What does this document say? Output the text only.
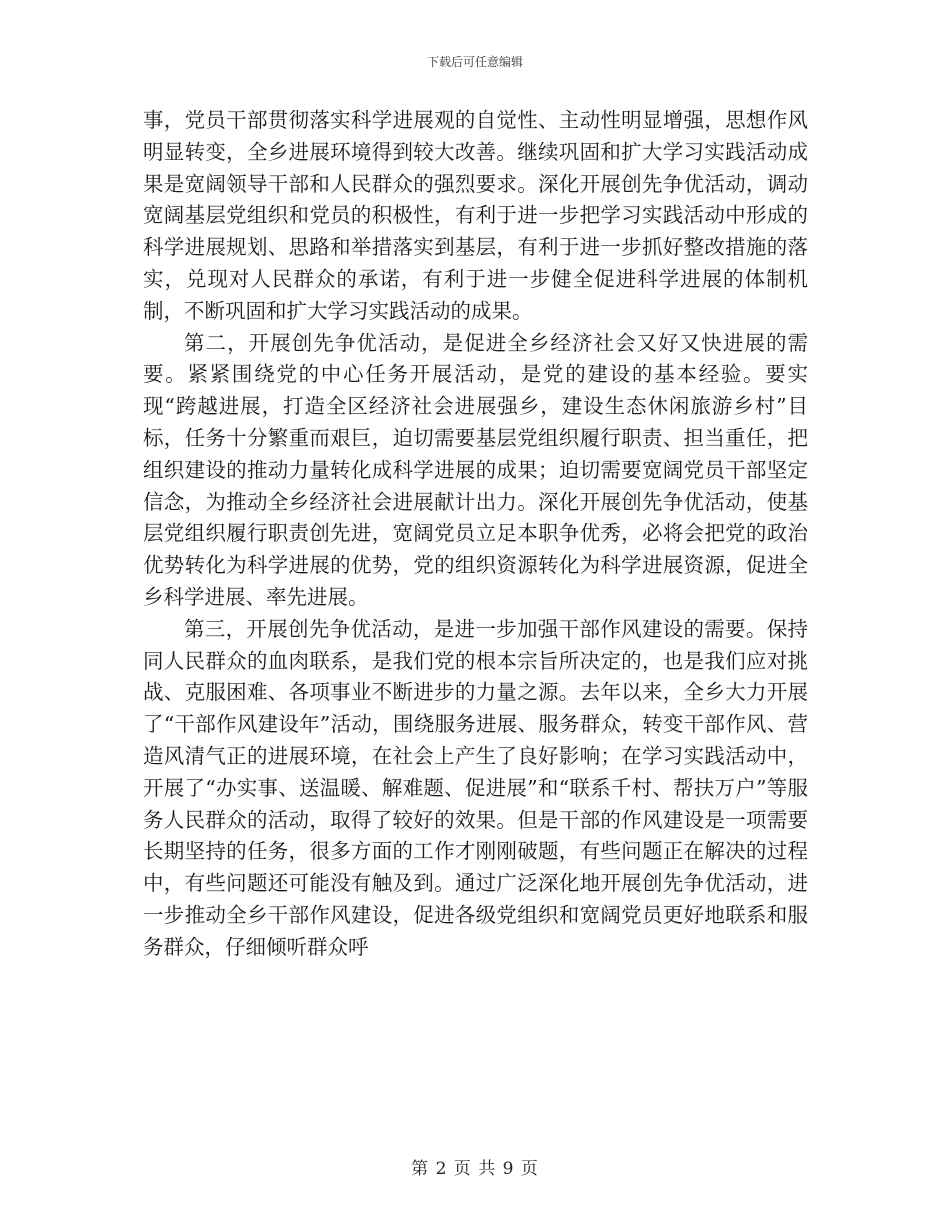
下载后可任意编辑

事，党员干部贯彻落实科学进展观的自觉性、主动性明显增强，思想作风明显转变，全乡进展环境得到较大改善。继续巩固和扩大学习实践活动成果是宽阔领导干部和人民群众的强烈要求。深化开展创先争优活动，调动宽阔基层党组织和党员的积极性，有利于进一步把学习实践活动中形成的科学进展规划、思路和举措落实到基层，有利于进一步抓好整改措施的落实，兑现对人民群众的承诺，有利于进一步健全促进科学进展的体制机制，不断巩固和扩大学习实践活动的成果。

第二，开展创先争优活动，是促进全乡经济社会又好又快进展的需要。紧紧围绕党的中心任务开展活动，是党的建设的基本经验。要实现“跨越进展，打造全区经济社会进展强乡，建设生态休闲旅游乡村”目标，任务十分繁重而艰巨，迫切需要基层党组织履行职责、担当重任，把组织建设的推动力量转化成科学进展的成果；迫切需要宽阔党员干部坚定信念，为推动全乡经济社会进展献计出力。深化开展创先争优活动，使基层党组织履行职责创先进，宽阔党员立足本职争优秀，必将会把党的政治优势转化为科学进展的优势，党的组织资源转化为科学进展资源，促进全乡科学进展、率先进展。

第三，开展创先争优活动，是进一步加强干部作风建设的需要。保持同人民群众的血肉联系，是我们党的根本宗旨所决定的，也是我们应对挑战、克服困难、各项事业不断进步的力量之源。去年以来，全乡大力开展了“干部作风建设年”活动，围绕服务进展、服务群众，转变干部作风、营造风清气正的进展环境，在社会上产生了良好影响；在学习实践活动中，开展了“办实事、送温暖、解难题、促进展”和“联系千村、帮扶万户”等服务人民群众的活动，取得了较好的效果。但是干部的作风建设是一项需要长期坚持的任务，很多方面的工作才刚刚破题，有些问题正在解决的过程中，有些问题还可能没有触及到。通过广泛深化地开展创先争优活动，进一步推动全乡干部作风建设，促进各级党组织和宽阔党员更好地联系和服务群众，仔细倾听群众呼

第 2 页 共 9 页
